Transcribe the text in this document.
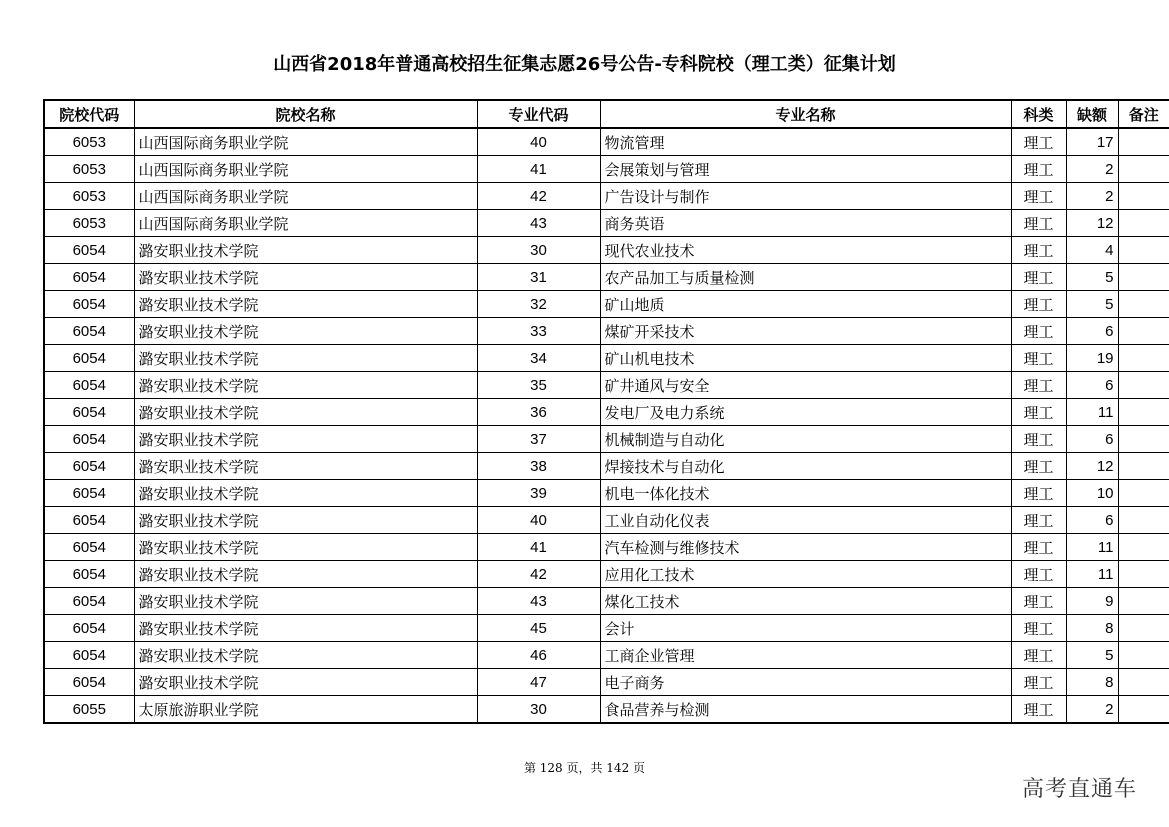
山西省2018年普通高校招生征集志愿26号公告-专科院校（理工类）征集计划
院校代码	院校名称	专业代码	专业名称	科类	缺额	备注
6053	山西国际商务职业学院	40	物流管理	理工	17	
6053	山西国际商务职业学院	41	会展策划与管理	理工	2	
6053	山西国际商务职业学院	42	广告设计与制作	理工	2	
6053	山西国际商务职业学院	43	商务英语	理工	12	
6054	潞安职业技术学院	30	现代农业技术	理工	4	
6054	潞安职业技术学院	31	农产品加工与质量检测	理工	5	
6054	潞安职业技术学院	32	矿山地质	理工	5	
6054	潞安职业技术学院	33	煤矿开采技术	理工	6	
6054	潞安职业技术学院	34	矿山机电技术	理工	19	
6054	潞安职业技术学院	35	矿井通风与安全	理工	6	
6054	潞安职业技术学院	36	发电厂及电力系统	理工	11	
6054	潞安职业技术学院	37	机械制造与自动化	理工	6	
6054	潞安职业技术学院	38	焊接技术与自动化	理工	12	
6054	潞安职业技术学院	39	机电一体化技术	理工	10	
6054	潞安职业技术学院	40	工业自动化仪表	理工	6	
6054	潞安职业技术学院	41	汽车检测与维修技术	理工	11	
6054	潞安职业技术学院	42	应用化工技术	理工	11	
6054	潞安职业技术学院	43	煤化工技术	理工	9	
6054	潞安职业技术学院	45	会计	理工	8	
6054	潞安职业技术学院	46	工商企业管理	理工	5	
6054	潞安职业技术学院	47	电子商务	理工	8	
6055	太原旅游职业学院	30	食品营养与检测	理工	2	
第 128 页，共 142 页
高考直通车
